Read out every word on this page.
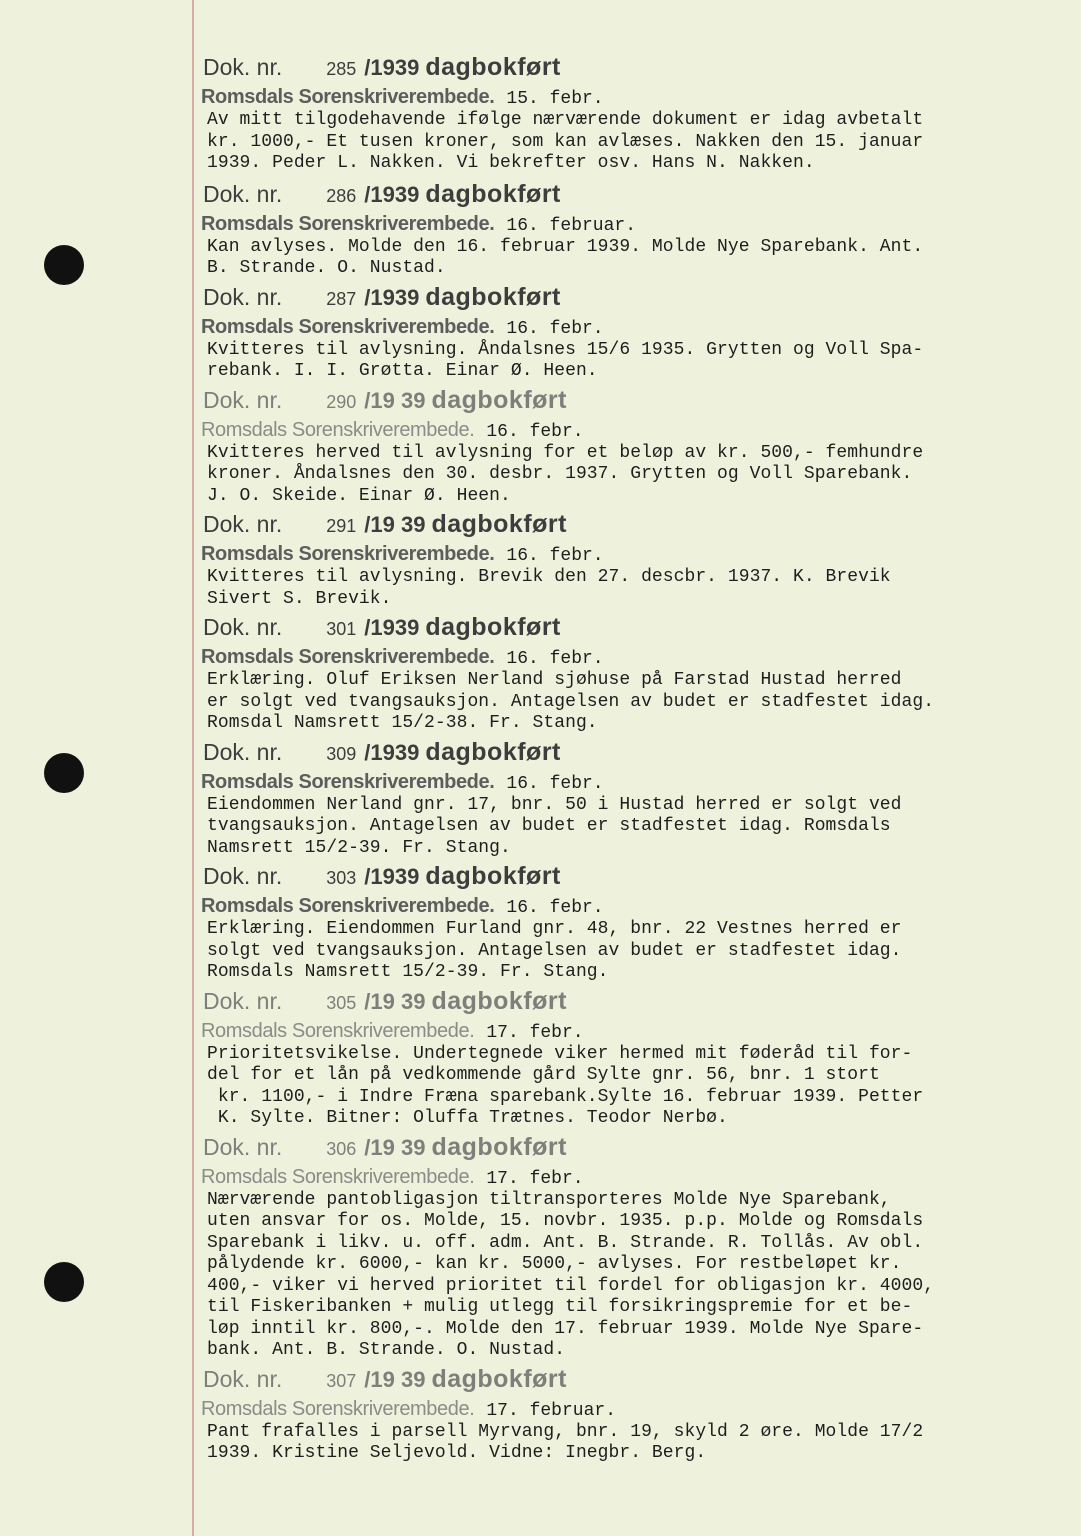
Dok. nr. 285 /1939 dagbokført
Romsdals Sorenskriverembede. 15. febr.
Av mitt tilgodehavende ifølge nærværende dokument er idag avbetalt
kr. 1000,- Et tusen kroner, som kan avlæses. Nakken den 15. januar
1939. Peder L. Nakken. Vi bekrefter osv. Hans N. Nakken.
Dok. nr. 286 /1939 dagbokført
Romsdals Sorenskriverembede. 16. februar.
Kan avlyses. Molde den 16. februar 1939. Molde Nye Sparebank. Ant.
B. Strande. O. Nustad.
Dok. nr. 287 /1939 dagbokført
Romsdals Sorenskriverembede. 16. febr.
Kvitteres til avlysning. Åndalsnes 15/6 1935. Grytten og Voll Spa-
rebank. I. I. Grøtta. Einar Ø. Heen.
Dok. nr. 290 /19 39 dagbokført
Romsdals Sorenskriverembede. 16. febr.
Kvitteres herved til avlysning for et beløp av kr. 500,- femhundre
kroner. Åndalsnes den 30. desbr. 1937. Grytten og Voll Sparebank.
J. O. Skeide. Einar Ø. Heen.
Dok. nr. 291 /19 39 dagbokført
Romsdals Sorenskriverembede. 16. febr.
Kvitteres til avlysning. Brevik den 27. descbr. 1937. K. Brevik
Sivert S. Brevik.
Dok. nr. 301 /1939 dagbokført
Romsdals Sorenskriverembede. 16. febr.
Erklæring. Oluf Eriksen Nerland sjøhuse på Farstad Hustad herred
er solgt ved tvangsauksjon. Antagelsen av budet er stadfestet idag.
Romsdal Namsrett 15/2-38. Fr. Stang.
Dok. nr. 309 /1939 dagbokført
Romsdals Sorenskriverembede. 16. febr.
Eiendommen Nerland gnr. 17, bnr. 50 i Hustad herred er solgt ved
tvangsauksjon. Antagelsen av budet er stadfestet idag. Romsdals
Namsrett 15/2-39. Fr. Stang.
Dok. nr. 303 /1939 dagbokført
Romsdals Sorenskriverembede. 16. febr.
Erklæring. Eiendommen Furland gnr. 48, bnr. 22 Vestnes herred er
solgt ved tvangsauksjon. Antagelsen av budet er stadfestet idag.
Romsdals Namsrett 15/2-39. Fr. Stang.
Dok. nr. 305 /19 39 dagbokført
Romsdals Sorenskriverembede. 17. febr.
Prioritetsvikelse. Undertegnede viker hermed mit føderåd til for-
del for et lån på vedkommende gård Sylte gnr. 56, bnr. 1 stort
kr. 1100,- i Indre Fræna sparebank.Sylte 16. februar 1939. Petter
K. Sylte. Bitner: Oluffa Trætnes. Teodor Nerbø.
Dok. nr. 306 /19 39 dagbokført
Romsdals Sorenskriverembede. 17. febr.
Nærværende pantobligasjon tiltransporteres Molde Nye Sparebank,
uten ansvar for os. Molde, 15. novbr. 1935. p.p. Molde og Romsdals
Sparebank i likv. u. off. adm. Ant. B. Strande. R. Tollås. Av obl.
pålydende kr. 6000,- kan kr. 5000,- avlyses. For restbeløpet kr.
400,- viker vi herved prioritet til fordel for obligasjon kr. 4000,
til Fiskeribanken + mulig utlegg til forsikringspremie for et be-
løp inntil kr. 800,-. Molde den 17. februar 1939. Molde Nye Spare-
bank. Ant. B. Strande. O. Nustad.
Dok. nr. 307 /19 39 dagbokført
Romsdals Sorenskriverembede. 17. februar.
Pant frafalles i parsell Myrvang, bnr. 19, skyld 2 øre. Molde 17/2
1939. Kristine Seljevold. Vidne: Inegbr. Berg.
